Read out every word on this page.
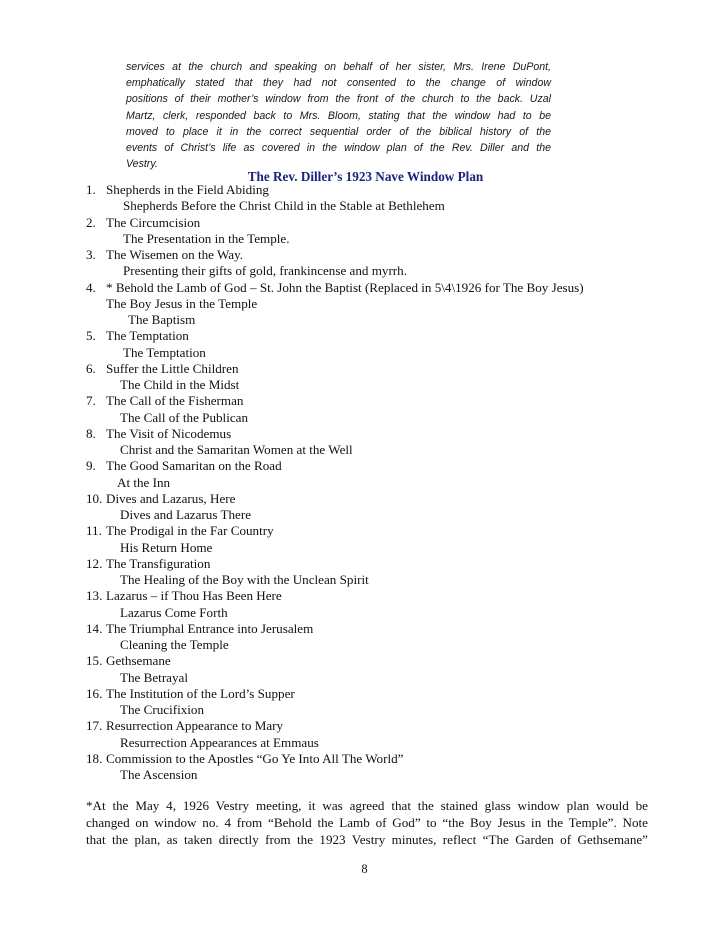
services at the church and speaking on behalf of her sister, Mrs. Irene DuPont,
emphatically stated that they had not consented to the change of window
positions of their mother’s window from the front of the church to the back. Uzal
Martz, clerk, responded back to Mrs. Bloom, stating that the window had to be
moved to place it in the correct sequential order of the biblical history of the
events of Christ’s life as covered in the window plan of the Rev. Diller and the
Vestry.
The Rev. Diller’s 1923 Nave Window Plan
1. Shepherds in the Field Abiding
Shepherds Before the Christ Child in the Stable at Bethlehem
2. The Circumcision
The Presentation in the Temple.
3. The Wisemen on the Way.
Presenting their gifts of gold, frankincense and myrrh.
4. * Behold the Lamb of God – St. John the Baptist (Replaced in 5\4\1926 for The Boy Jesus)
The Boy Jesus in the Temple
The Baptism
5. The Temptation
The Temptation
6. Suffer the Little Children
The Child in the Midst
7. The Call of the Fisherman
The Call of the Publican
8. The Visit of Nicodemus
Christ and the Samaritan Women at the Well
9. The Good Samaritan on the Road
At the Inn
10. Dives and Lazarus, Here
Dives and Lazarus There
11. The Prodigal in the Far Country
His Return Home
12. The Transfiguration
The Healing of the Boy with the Unclean Spirit
13. Lazarus – if Thou Has Been Here
Lazarus Come Forth
14. The Triumphal Entrance into Jerusalem
Cleaning the Temple
15. Gethsemane
The Betrayal
16. The Institution of the Lord’s Supper
The Crucifixion
17. Resurrection Appearance to Mary
Resurrection Appearances at Emmaus
18. Commission to the Apostles “Go Ye Into All The World”
The Ascension
*At the May 4, 1926 Vestry meeting, it was agreed that the stained glass window plan would be
changed on window no. 4 from “Behold the Lamb of God” to “the Boy Jesus in the Temple”. Note
that the plan, as taken directly from the 1923 Vestry minutes, reflect “The Garden of Gethsemane”
8
